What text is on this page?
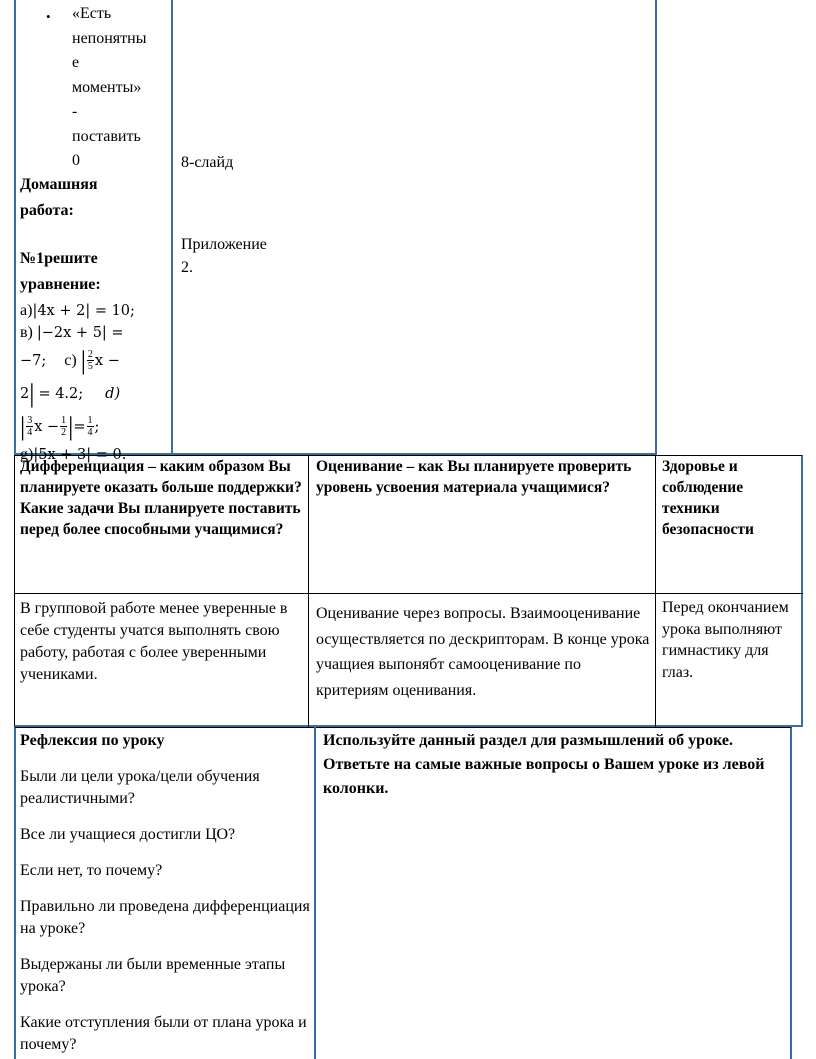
• «Есть
непонятны
е
моменты»
-
поставить
0
Домашняя
работа:
№1решите
уравнение:
а)|4x + 2| = 10;
в) |−2x + 5| =
−7; с) | $\frac{2}{5}$ x −
2| = 4.2; d)
| $\frac{3}{4}$ $x - \frac{1}{2}$ |= $\frac{1}{4}$ ;
g)|5x + 3| = 0.
8-слайд
Приложение
2.
Дифференциация – каким образом Вы планируете оказать больше поддержки? Какие задачи Вы планируете поставить перед более способными учащимися?
Оценивание – как Вы планируете проверить уровень усвоения материала учащимися?
Здоровье и соблюдение техники безопасности
В групповой работе менее уверенные в себе студенты учатся выполнять свою работу, работая с более уверенными учениками.
Оценивание через вопросы. Взаимооценивание осуществляется по дескрипторам. В конце урока учащиея выпонябт самооценивание по критериям оценивания.
Перед окончанием урока выполняют гимнастику для глаз.
Рефлексия по уроку
Были ли цели урока/цели обучения реалистичными?
Все ли учащиеся достигли ЦО?
Если нет, то почему?
Правильно ли проведена дифференциация на уроке?
Выдержаны ли были временные этапы урока?
Какие отступления были от плана урока и почему?
Используйте данный раздел для размышлений об уроке. Ответьте на самые важные вопросы о Вашем уроке из левой колонки.
